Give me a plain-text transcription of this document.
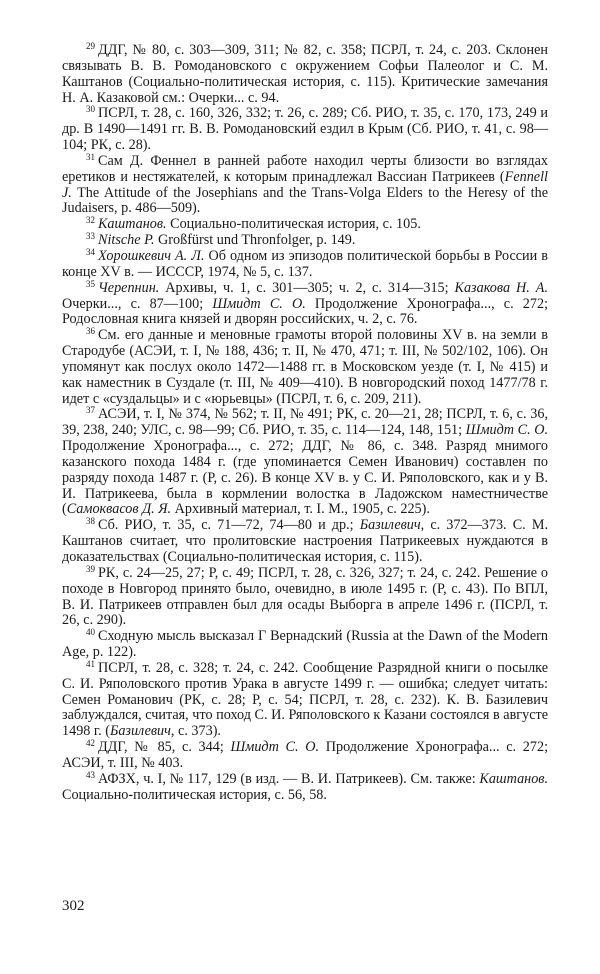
$^{29}$ ДДГ, № 80, с. 303—309, 311; № 82, с. 358; ПСРЛ, т. 24, с. 203. Склонен связывать В. В. Ромодановского с окружением Софьи Палеолог и С. М. Каштанов (Социально-политическая история, с. 115). Критические замечания Н. А. Казаковой см.: Очерки... с. 94.

$^{30}$ ПСРЛ, т. 28, с. 160, 326, 332; т. 26, с. 289; Сб. РИО, т. 35, с. 170, 173, 249 и др. В 1490—1491 гг. В. В. Ромодановский ездил в Крым (Сб. РИО, т. 41, с. 98—104; РК, с. 28).

$^{31}$ Сам Д. Феннел в ранней работе находил черты близости во взглядах еретиков и нестяжателей, к которым принадлежал Вассиан Патрикеев (Fennell J. The Attitude of the Josephians and the Trans-Volga Elders to the Heresy of the Judaisers, p. 486—509).

$^{32}$ Каштанов. Социально-политическая история, с. 105.

$^{33}$ Nitsche P. Großfürst und Thronfolger, p. 149.

$^{34}$ Хорошкевич А. Л. Об одном из эпизодов политической борьбы в России в конце XV в. — ИСССР, 1974, № 5, с. 137.

$^{35}$ Черепнин. Архивы, ч. 1, с. 301—305; ч. 2, с. 314—315; Казакова Н. А. Очерки..., с. 87—100; Шмидт С. О. Продолжение Хронографа..., с. 272; Родословная книга князей и дворян российских, ч. 2, с. 76.

$^{36}$ См. его данные и меновные грамоты второй половины XV в. на земли в Стародубе (АСЭИ, т. I, № 188, 436; т. II, № 470, 471; т. III, № 502/102, 106). Он упомянут как послух около 1472—1488 гг. в Московском уезде (т. I, № 415) и как наместник в Суздале (т. III, № 409—410). В новгородский поход 1477/78 г. идет с «суздальцы» и с «юрьевцы» (ПСРЛ, т. 6, с. 209, 211).

$^{37}$ АСЭИ, т. I, № 374, № 562; т. II, № 491; РК, с. 20—21, 28; ПСРЛ, т. 6, с. 36, 39, 238, 240; УЛС, с. 98—99; Сб. РИО, т. 35, с. 114—124, 148, 151; Шмидт С. О. Продолжение Хронографа..., с. 272; ДДГ, № 86, с. 348. Разряд мнимого казанского похода 1484 г. (где упоминается Семен Иванович) составлен по разряду похода 1487 г. (Р, с. 26). В конце XV в. у С. И. Ряполовского, как и у В. И. Патрикеева, была в кормлении волостка в Ладожском наместничестве (Самоквасов Д. Я. Архивный материал, т. I. М., 1905, с. 225).

$^{38}$ Сб. РИО, т. 35, с. 71—72, 74—80 и др.; Базилевич, с. 372—373. С. М. Каштанов считает, что пролитовские настроения Патрикеевых нуждаются в доказательствах (Социально-политическая история, с. 115).

$^{39}$ РК, с. 24—25, 27; Р, с. 49; ПСРЛ, т. 28, с. 326, 327; т. 24, с. 242. Решение о походе в Новгород принято было, очевидно, в июле 1495 г. (Р, с. 43). По ВПЛ, В. И. Патрикеев отправлен был для осады Выборга в апреле 1496 г. (ПСРЛ, т. 26, с. 290).

$^{40}$ Сходную мысль высказал Г Вернадский (Russia at the Dawn of the Modern Age, p. 122).

$^{41}$ ПСРЛ, т. 28, с. 328; т. 24, с. 242. Сообщение Разрядной книги о посылке С. И. Ряполовского против Урака в августе 1499 г. — ошибка; следует читать: Семен Романович (РК, с. 28; Р, с. 54; ПСРЛ, т. 28, с. 232). К. В. Базилевич заблуждался, считая, что поход С. И. Ряполовского к Казани состоялся в августе 1498 г. (Базилевич, с. 373).

$^{42}$ ДДГ, № 85, с. 344; Шмидт С. О. Продолжение Хронографа... с. 272; АСЭИ, т. III, № 403.

$^{43}$ АФЗХ, ч. I, № 117, 129 (в изд. — В. И. Патрикеев). См. также: Каштанов. Социально-политическая история, с. 56, 58.

302
